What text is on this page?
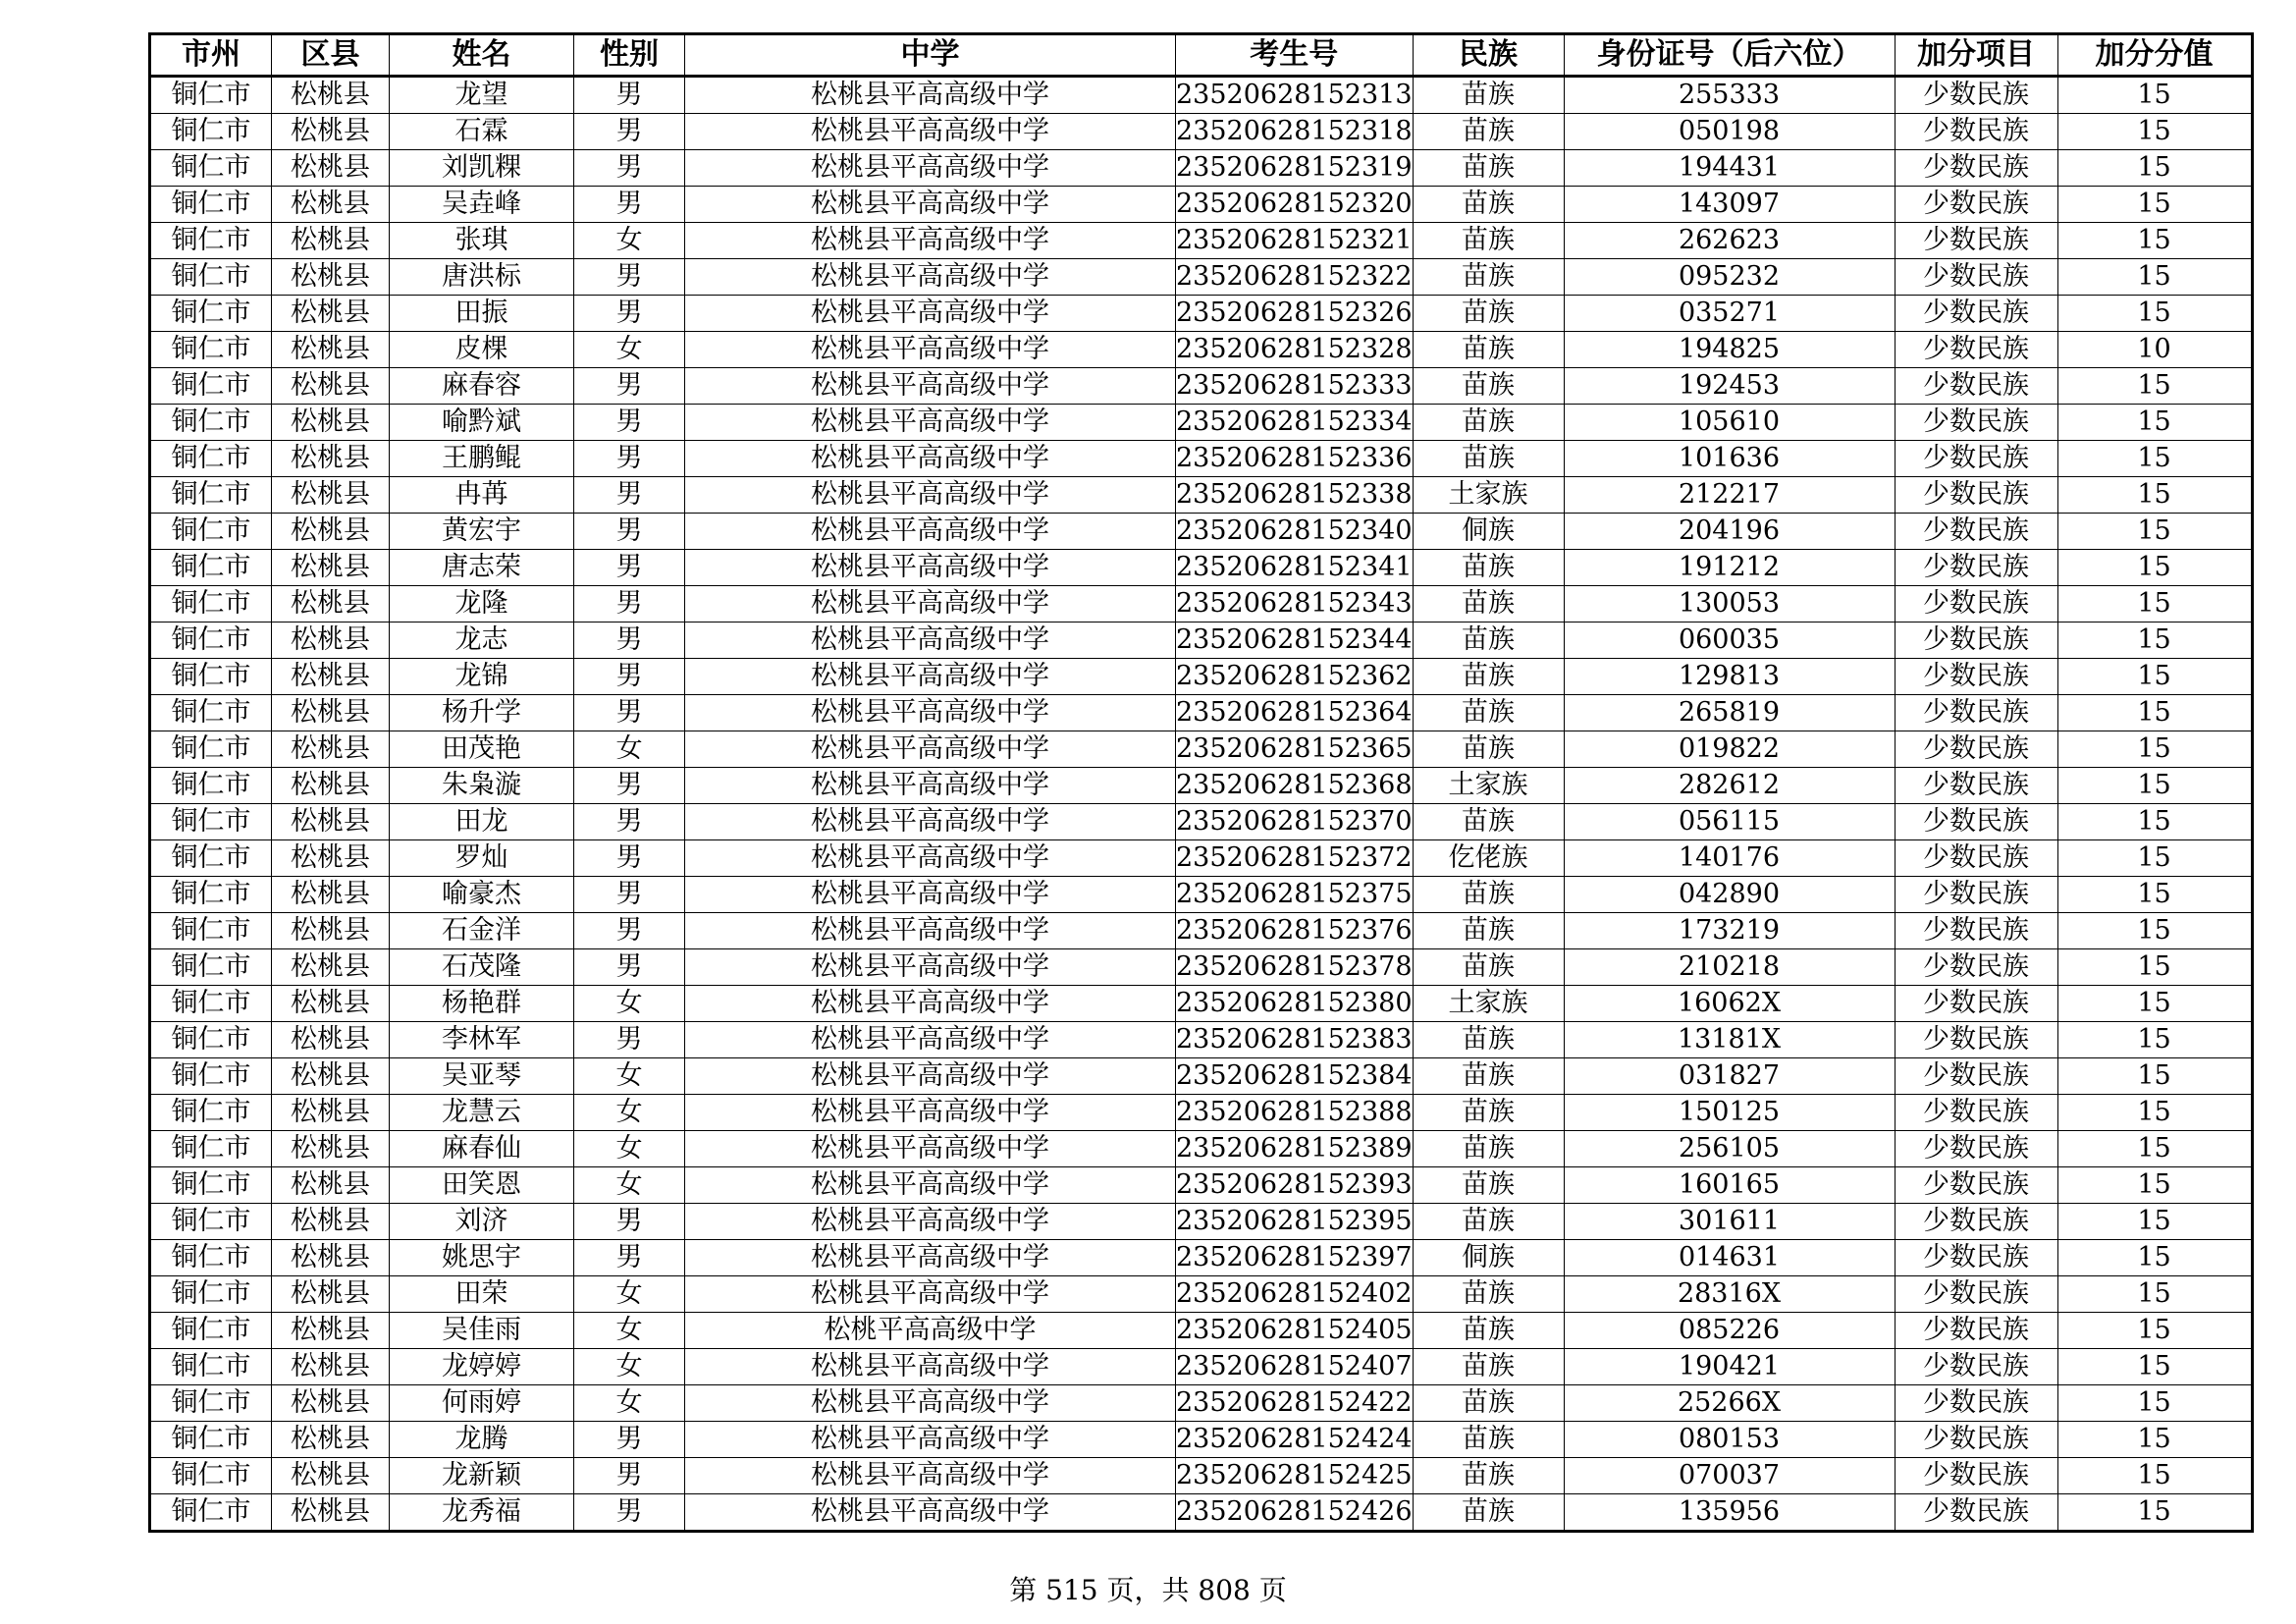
市州	区县	姓名	性别	中学	考生号	民族	身份证号（后六位）	加分项目	加分分值
铜仁市	松桃县	龙望	男	松桃县平高高级中学	23520628152313	苗族	255333	少数民族	15
铜仁市	松桃县	石霖	男	松桃县平高高级中学	23520628152318	苗族	050198	少数民族	15
铜仁市	松桃县	刘凯粿	男	松桃县平高高级中学	23520628152319	苗族	194431	少数民族	15
铜仁市	松桃县	吴垚峰	男	松桃县平高高级中学	23520628152320	苗族	143097	少数民族	15
铜仁市	松桃县	张琪	女	松桃县平高高级中学	23520628152321	苗族	262623	少数民族	15
铜仁市	松桃县	唐洪标	男	松桃县平高高级中学	23520628152322	苗族	095232	少数民族	15
铜仁市	松桃县	田振	男	松桃县平高高级中学	23520628152326	苗族	035271	少数民族	15
铜仁市	松桃县	皮棵	女	松桃县平高高级中学	23520628152328	苗族	194825	少数民族	10
铜仁市	松桃县	麻春容	男	松桃县平高高级中学	23520628152333	苗族	192453	少数民族	15
铜仁市	松桃县	喻黔斌	男	松桃县平高高级中学	23520628152334	苗族	105610	少数民族	15
铜仁市	松桃县	王鹏鲲	男	松桃县平高高级中学	23520628152336	苗族	101636	少数民族	15
铜仁市	松桃县	冉苒	男	松桃县平高高级中学	23520628152338	土家族	212217	少数民族	15
铜仁市	松桃县	黄宏宇	男	松桃县平高高级中学	23520628152340	侗族	204196	少数民族	15
铜仁市	松桃县	唐志荣	男	松桃县平高高级中学	23520628152341	苗族	191212	少数民族	15
铜仁市	松桃县	龙隆	男	松桃县平高高级中学	23520628152343	苗族	130053	少数民族	15
铜仁市	松桃县	龙志	男	松桃县平高高级中学	23520628152344	苗族	060035	少数民族	15
铜仁市	松桃县	龙锦	男	松桃县平高高级中学	23520628152362	苗族	129813	少数民族	15
铜仁市	松桃县	杨升学	男	松桃县平高高级中学	23520628152364	苗族	265819	少数民族	15
铜仁市	松桃县	田茂艳	女	松桃县平高高级中学	23520628152365	苗族	019822	少数民族	15
铜仁市	松桃县	朱枭漩	男	松桃县平高高级中学	23520628152368	土家族	282612	少数民族	15
铜仁市	松桃县	田龙	男	松桃县平高高级中学	23520628152370	苗族	056115	少数民族	15
铜仁市	松桃县	罗灿	男	松桃县平高高级中学	23520628152372	仡佬族	140176	少数民族	15
铜仁市	松桃县	喻豪杰	男	松桃县平高高级中学	23520628152375	苗族	042890	少数民族	15
铜仁市	松桃县	石金洋	男	松桃县平高高级中学	23520628152376	苗族	173219	少数民族	15
铜仁市	松桃县	石茂隆	男	松桃县平高高级中学	23520628152378	苗族	210218	少数民族	15
铜仁市	松桃县	杨艳群	女	松桃县平高高级中学	23520628152380	土家族	16062X	少数民族	15
铜仁市	松桃县	李林军	男	松桃县平高高级中学	23520628152383	苗族	13181X	少数民族	15
铜仁市	松桃县	吴亚琴	女	松桃县平高高级中学	23520628152384	苗族	031827	少数民族	15
铜仁市	松桃县	龙慧云	女	松桃县平高高级中学	23520628152388	苗族	150125	少数民族	15
铜仁市	松桃县	麻春仙	女	松桃县平高高级中学	23520628152389	苗族	256105	少数民族	15
铜仁市	松桃县	田笑恩	女	松桃县平高高级中学	23520628152393	苗族	160165	少数民族	15
铜仁市	松桃县	刘济	男	松桃县平高高级中学	23520628152395	苗族	301611	少数民族	15
铜仁市	松桃县	姚思宇	男	松桃县平高高级中学	23520628152397	侗族	014631	少数民族	15
铜仁市	松桃县	田荣	女	松桃县平高高级中学	23520628152402	苗族	28316X	少数民族	15
铜仁市	松桃县	吴佳雨	女	松桃平高高级中学	23520628152405	苗族	085226	少数民族	15
铜仁市	松桃县	龙婷婷	女	松桃县平高高级中学	23520628152407	苗族	190421	少数民族	15
铜仁市	松桃县	何雨婷	女	松桃县平高高级中学	23520628152422	苗族	25266X	少数民族	15
铜仁市	松桃县	龙腾	男	松桃县平高高级中学	23520628152424	苗族	080153	少数民族	15
铜仁市	松桃县	龙新颖	男	松桃县平高高级中学	23520628152425	苗族	070037	少数民族	15
铜仁市	松桃县	龙秀福	男	松桃县平高高级中学	23520628152426	苗族	135956	少数民族	15
第 515 页，共 808 页
